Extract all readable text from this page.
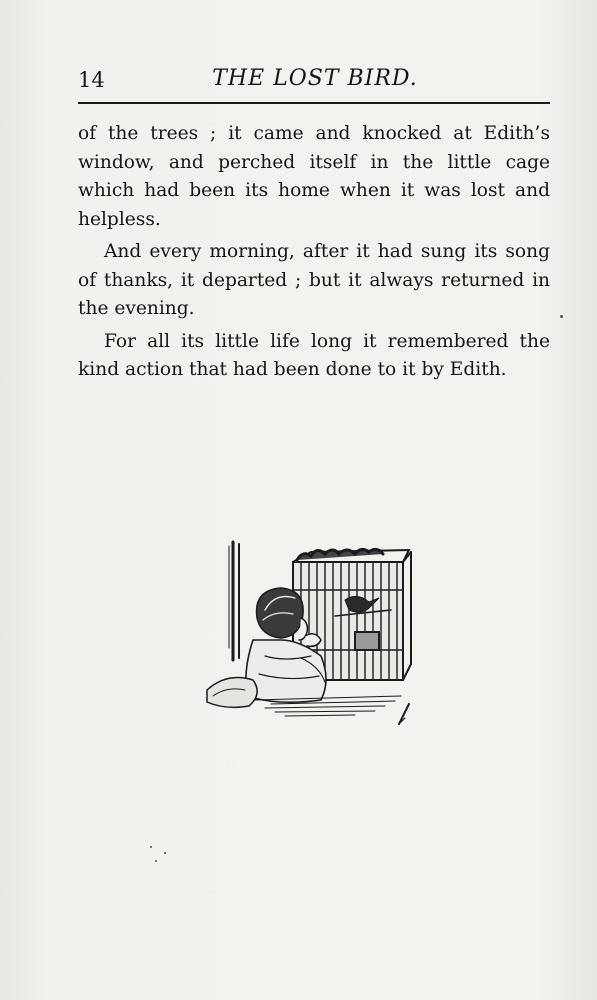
14	THE LOST BIRD.

of the trees ; it came and knocked at Edith’s window, and perched itself in the little cage which had been its home when it was lost and helpless.

And every morning, after it had sung its song of thanks, it departed ; but it always returned in the evening.

For all its little life long it remembered the kind action that had been done to it by Edith.
